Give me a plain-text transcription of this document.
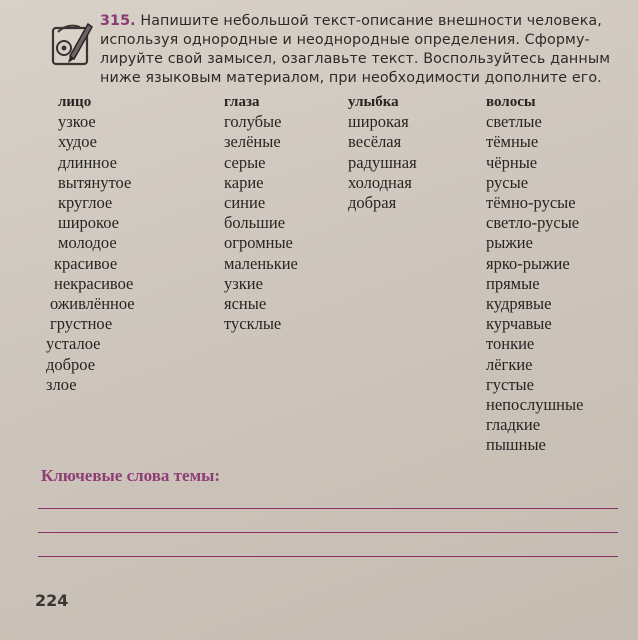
315. Напишите небольшой текст-описание внешности человека,
используя однородные и неоднородные определения. Сформу-
лируйте свой замысел, озаглавьте текст. Воспользуйтесь данным
ниже языковым материалом, при необходимости дополните его.
лицо
узкое
худое
длинное
вытянутое
круглое
широкое
молодое
красивое
некрасивое
оживлённое
грустное
усталое
доброе
злое
глаза
голубые
зелёные
серые
карие
синие
большие
огромные
маленькие
узкие
ясные
тусклые
улыбка
широкая
весёлая
радушная
холодная
добрая
волосы
светлые
тёмные
чёрные
русые
тёмно-русые
светло-русые
рыжие
ярко-рыжие
прямые
кудрявые
курчавые
тонкие
лёгкие
густые
непослушные
гладкие
пышные
Ключевые слова темы:
224
